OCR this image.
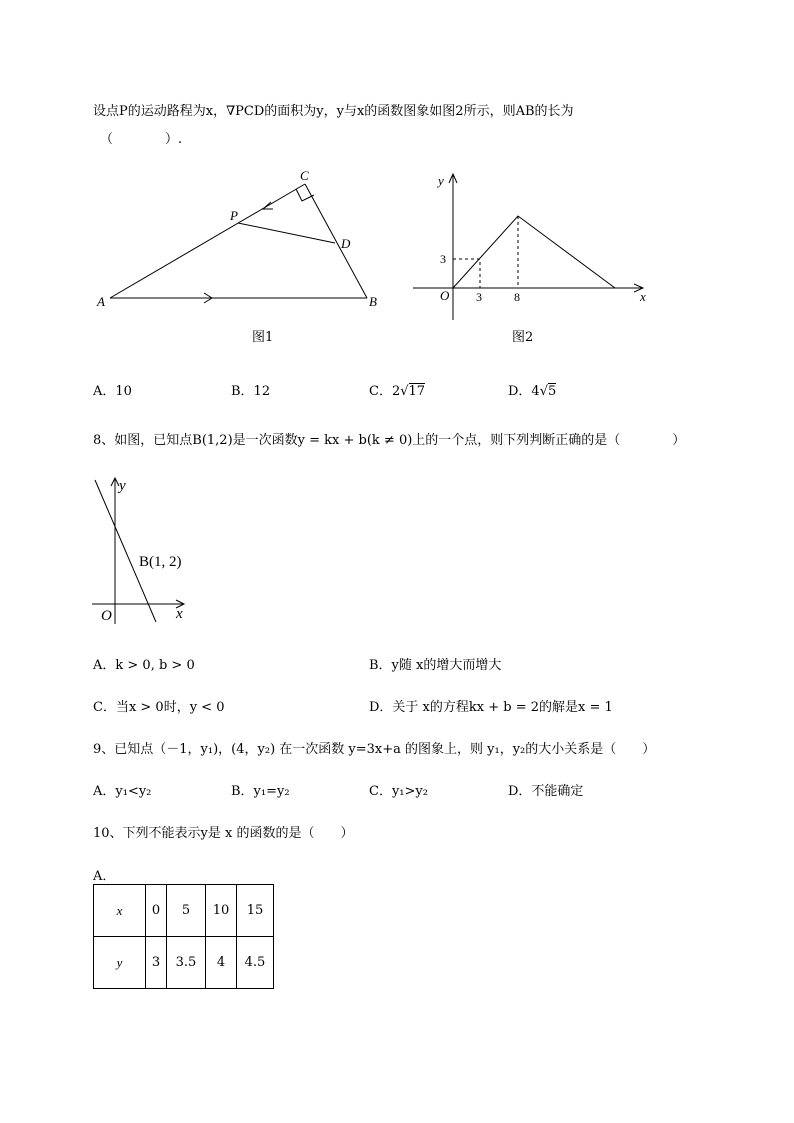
设点P的运动路程为x，∇PCD的面积为y，y与x的函数图象如图2所示，则AB的长为
（　　　　）.
A	B
C
D
P
图1
y
x
O 3	8
3
图2
A．10	B．12	C．2√17	D．4√5
8、如图，已知点B(1,2)是一次函数y = kx + b(k ≠ 0)上的一个点，则下列判断正确的是（　　　　）
y
x
O
B(1, 2)
A．k > 0, b > 0	B．y随 x的增大而增大
C．当x > 0时，y < 0	D．关于 x的方程kx + b = 2的解是x = 1
9、已知点（－1，y₁)，(4，y₂) 在一次函数 y=3x+a 的图象上，则 y₁，y₂的大小关系是（　　）
A．y₁<y₂	B．y₁=y₂	C．y₁>y₂	D．不能确定
10、下列不能表示y是 x 的函数的是（　　）
A．
x	0	5	10	15
y	3	3.5	4	4.5
